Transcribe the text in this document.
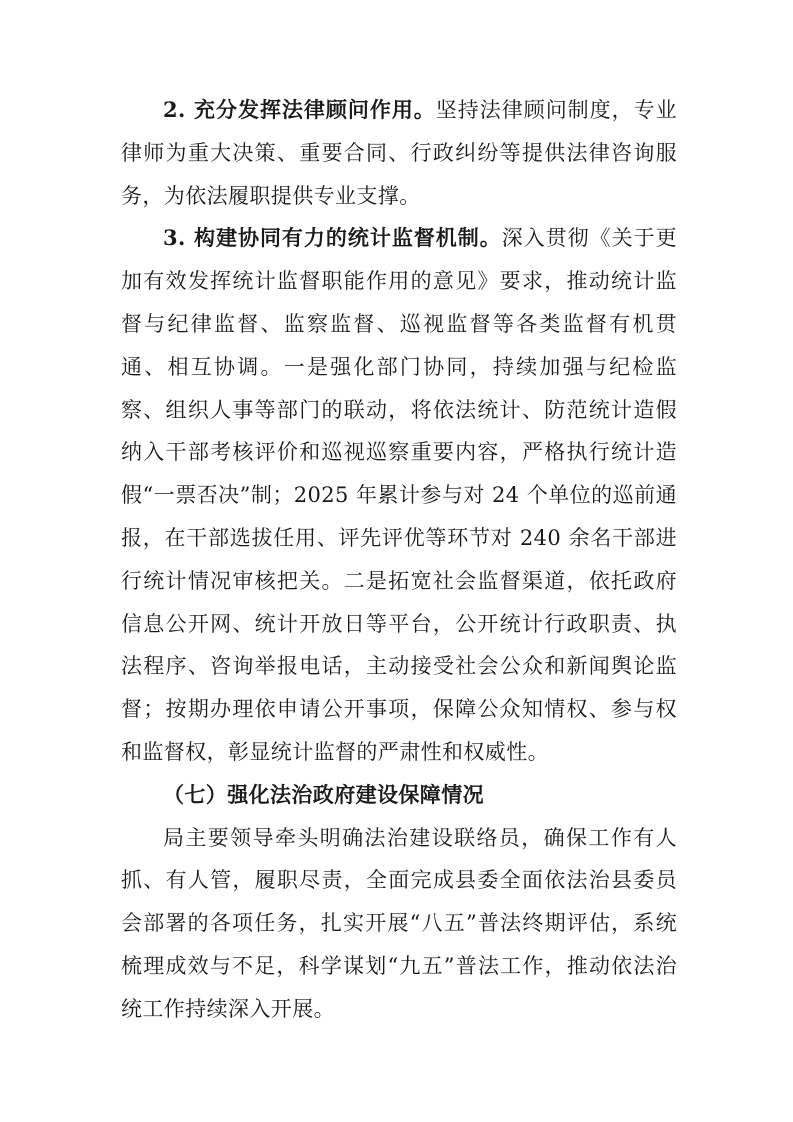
2. 充分发挥法律顾问作用。坚持法律顾问制度，专业律师为重大决策、重要合同、行政纠纷等提供法律咨询服务，为依法履职提供专业支撑。

3. 构建协同有力的统计监督机制。深入贯彻《关于更加有效发挥统计监督职能作用的意见》要求，推动统计监督与纪律监督、监察监督、巡视监督等各类监督有机贯通、相互协调。一是强化部门协同，持续加强与纪检监察、组织人事等部门的联动，将依法统计、防范统计造假纳入干部考核评价和巡视巡察重要内容，严格执行统计造假“一票否决”制；2025 年累计参与对 24 个单位的巡前通报，在干部选拔任用、评先评优等环节对 240 余名干部进行统计情况审核把关。二是拓宽社会监督渠道，依托政府信息公开网、统计开放日等平台，公开统计行政职责、执法程序、咨询举报电话，主动接受社会公众和新闻舆论监督；按期办理依申请公开事项，保障公众知情权、参与权和监督权，彰显统计监督的严肃性和权威性。

（七）强化法治政府建设保障情况

局主要领导牵头明确法治建设联络员，确保工作有人抓、有人管，履职尽责，全面完成县委全面依法治县委员会部署的各项任务，扎实开展“八五”普法终期评估，系统梳理成效与不足，科学谋划“九五”普法工作，推动依法治统工作持续深入开展。
